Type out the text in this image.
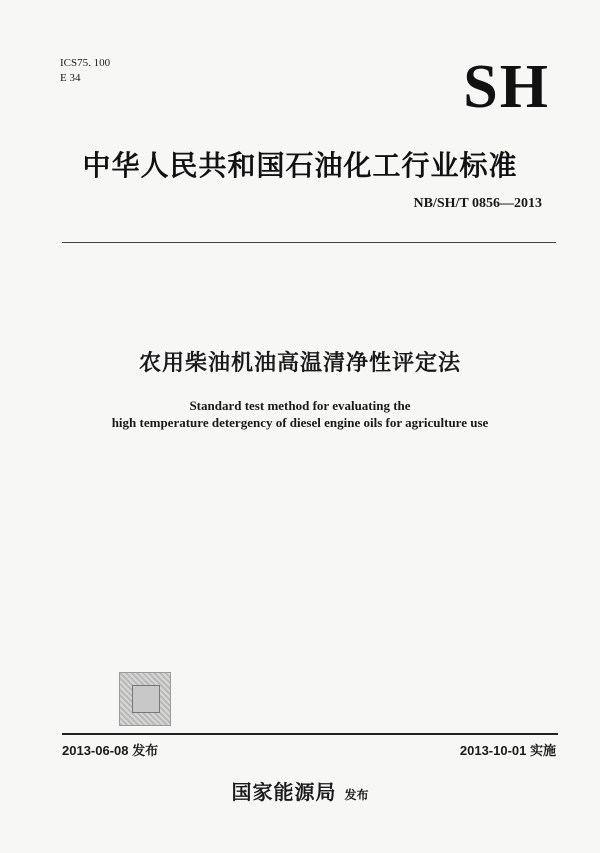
ICS75. 100
E 34	SH
中华人民共和国石油化工行业标准
NB/SH/T 0856—2013
农用柴油机油高温清净性评定法
Standard test method for evaluating the
high temperature detergency of diesel engine oils for agriculture use
2013-06-08 发布	2013-10-01 实施
国家能源局 发布
